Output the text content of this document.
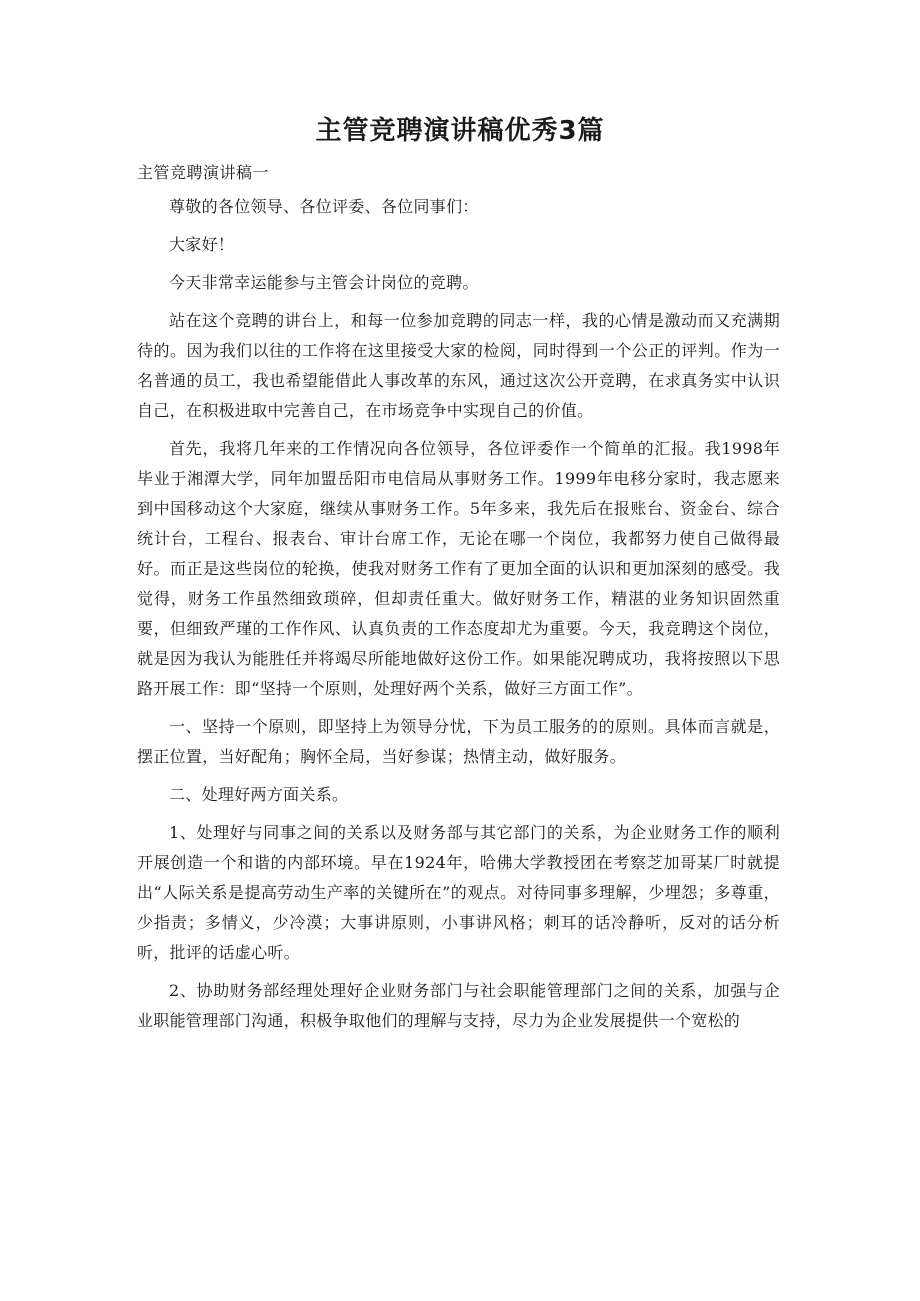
主管竞聘演讲稿优秀3篇

主管竞聘演讲稿一

尊敬的各位领导、各位评委、各位同事们：

大家好！

今天非常幸运能参与主管会计岗位的竞聘。

站在这个竞聘的讲台上，和每一位参加竞聘的同志一样，我的心情是激动而又充满期待的。因为我们以往的工作将在这里接受大家的检阅，同时得到一个公正的评判。作为一名普通的员工，我也希望能借此人事改革的东风，通过这次公开竞聘，在求真务实中认识自己，在积极进取中完善自己，在市场竞争中实现自己的价值。

首先，我将几年来的工作情况向各位领导，各位评委作一个简单的汇报。我1998年毕业于湘潭大学，同年加盟岳阳市电信局从事财务工作。1999年电移分家时，我志愿来到中国移动这个大家庭，继续从事财务工作。5年多来，我先后在报账台、资金台、综合统计台，工程台、报表台、审计台席工作，无论在哪一个岗位，我都努力使自己做得最好。而正是这些岗位的轮换，使我对财务工作有了更加全面的认识和更加深刻的感受。我觉得，财务工作虽然细致琐碎，但却责任重大。做好财务工作，精湛的业务知识固然重要，但细致严瑾的工作作风、认真负责的工作态度却尤为重要。今天，我竞聘这个岗位，就是因为我认为能胜任并将竭尽所能地做好这份工作。如果能况聘成功，我将按照以下思路开展工作：即“坚持一个原则，处理好两个关系，做好三方面工作”。

一、坚持一个原则，即坚持上为领导分忧，下为员工服务的的原则。具体而言就是，摆正位置，当好配角；胸怀全局，当好参谋；热情主动，做好服务。

二、处理好两方面关系。

1、处理好与同事之间的关系以及财务部与其它部门的关系，为企业财务工作的顺利开展创造一个和谐的内部环境。早在1924年，哈佛大学教授团在考察芝加哥某厂时就提出“人际关系是提高劳动生产率的关键所在”的观点。对待同事多理解，少埋怨；多尊重，少指责；多情义，少冷漠；大事讲原则，小事讲风格；刺耳的话冷静听，反对的话分析听，批评的话虚心听。

2、协助财务部经理处理好企业财务部门与社会职能管理部门之间的关系，加强与企业职能管理部门沟通，积极争取他们的理解与支持，尽力为企业发展提供一个宽松的
